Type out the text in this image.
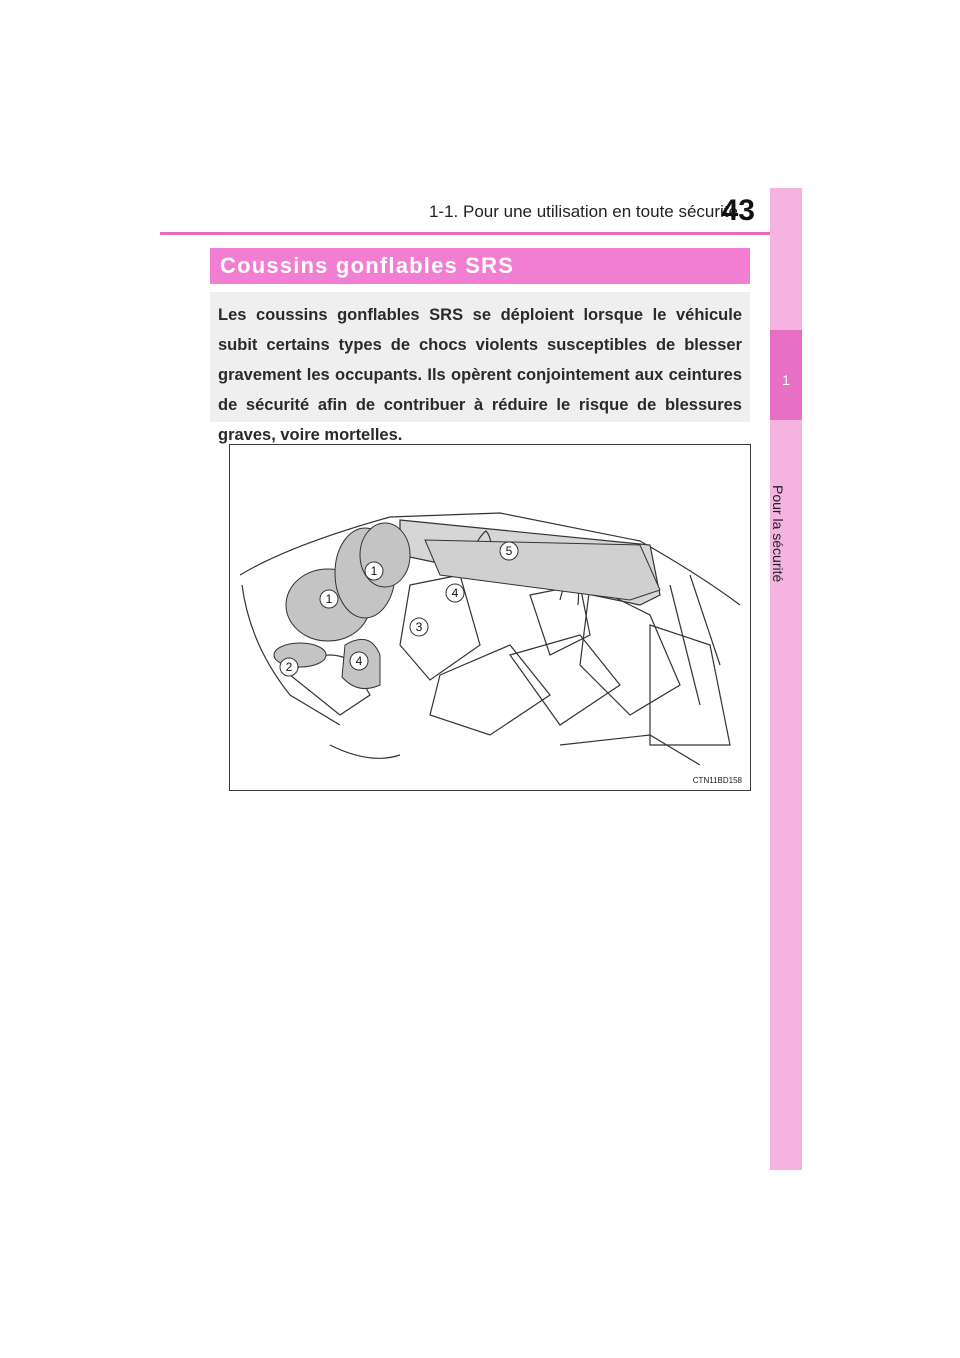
1-1. Pour une utilisation en toute sécurité
43
1
Pour la sécurité
Coussins gonflables SRS
Les coussins gonflables SRS se déploient lorsque le véhicule subit certains types de chocs violents susceptibles de blesser gravement les occupants. Ils opèrent conjointement aux ceintures de sécurité afin de contribuer à réduire le risque de blessures graves, voire mortelles.
1
1
2
3
4
4
5
CTN11BD158
